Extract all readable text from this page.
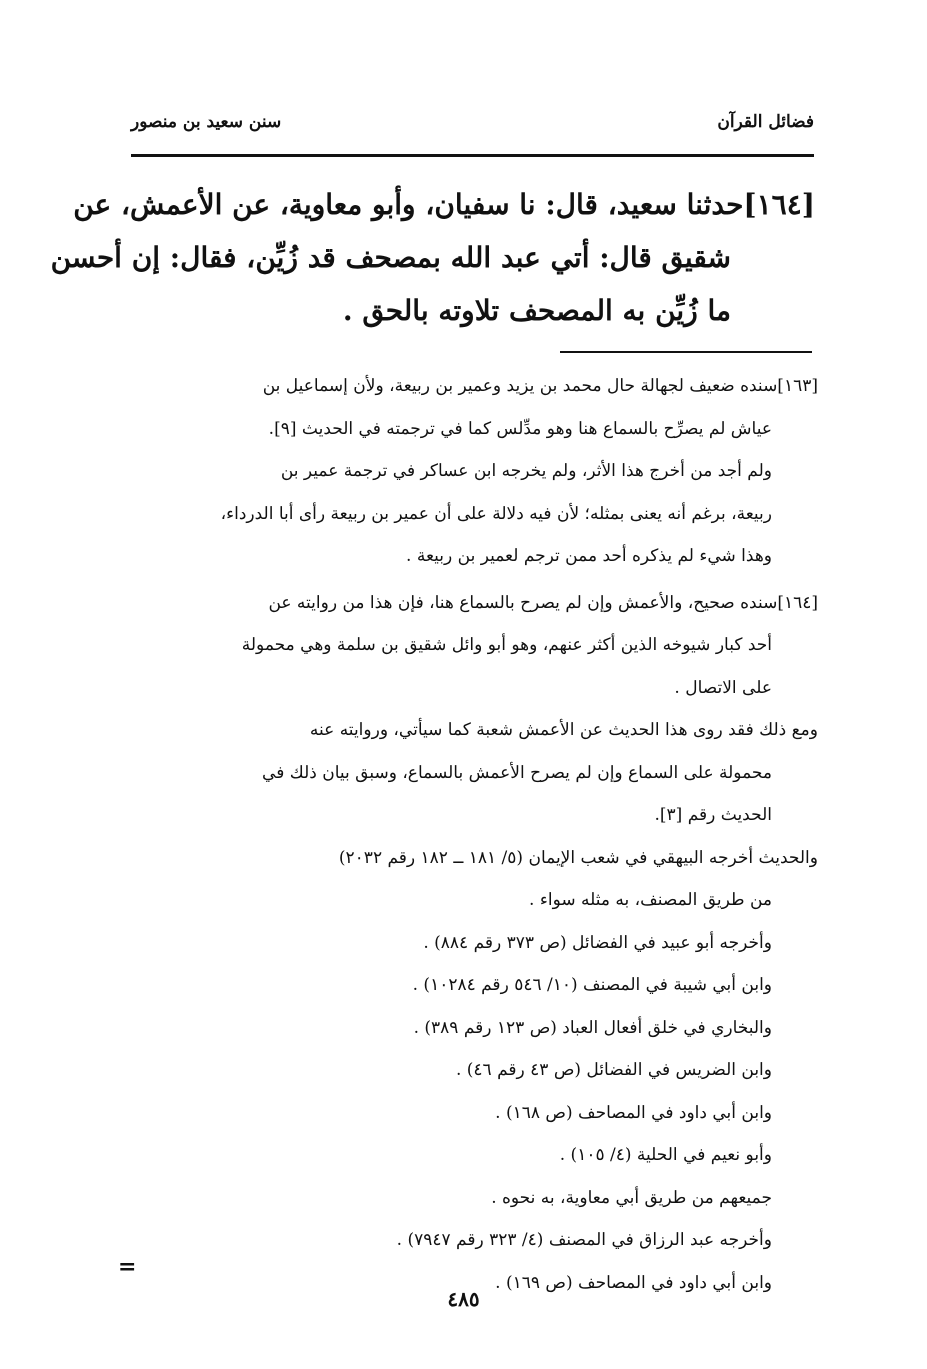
فضائل القرآن
سنن سعيد بن منصور
[١٦٤]حدثنا سعيد، قال: نا سفيان، وأبو معاوية، عن الأعمش، عن
شقيق قال: أتي عبد الله بمصحف قد زُيِّن، فقال: إن أحسن
ما زُيِّن به المصحف تلاوته بالحق .
[١٦٣]سنده ضعيف لجهالة حال محمد بن يزيد وعمير بن ربيعة، ولأن إسماعيل بن
عياش لم يصرِّح بالسماع هنا وهو مدِّلس كما في ترجمته في الحديث [٩].
ولم أجد من أخرج هذا الأثر، ولم يخرجه ابن عساكر في ترجمة عمير بن
ربيعة، برغم أنه يعنى بمثله؛ لأن فيه دلالة على أن عمير بن ربيعة رأى أبا الدرداء،
وهذا شيء لم يذكره أحد ممن ترجم لعمير بن ربيعة .
[١٦٤]سنده صحيح، والأعمش وإن لم يصرح بالسماع هنا، فإن هذا من روايته عن
أحد كبار شيوخه الذين أكثر عنهم، وهو أبو وائل شقيق بن سلمة وهي محمولة
على الاتصال .
ومع ذلك فقد روى هذا الحديث عن الأعمش شعبة كما سيأتي، وروايته عنه
محمولة على السماع وإن لم يصرح الأعمش بالسماع، وسبق بيان ذلك في
الحديث رقم [٣].
والحديث أخرجه البيهقي في شعب الإيمان (٥/ ١٨١ ــ ١٨٢ رقم ٢٠٣٢)
من طريق المصنف، به مثله سواء .
وأخرجه أبو عبيد في الفضائل (ص ٣٧٣ رقم ٨٨٤) .
وابن أبي شيبة في المصنف (١٠/ ٥٤٦ رقم ١٠٢٨٤) .
والبخاري في خلق أفعال العباد (ص ١٢٣ رقم ٣٨٩) .
وابن الضريس في الفضائل (ص ٤٣ رقم ٤٦) .
وابن أبي داود في المصاحف (ص ١٦٨) .
وأبو نعيم في الحلية (٤/ ١٠٥) .
جميعهم من طريق أبي معاوية، به نحوه .
وأخرجه عبد الرزاق في المصنف (٤/ ٣٢٣ رقم ٧٩٤٧) .
وابن أبي داود في المصاحف (ص ١٦٩) .
=
٤٨٥
